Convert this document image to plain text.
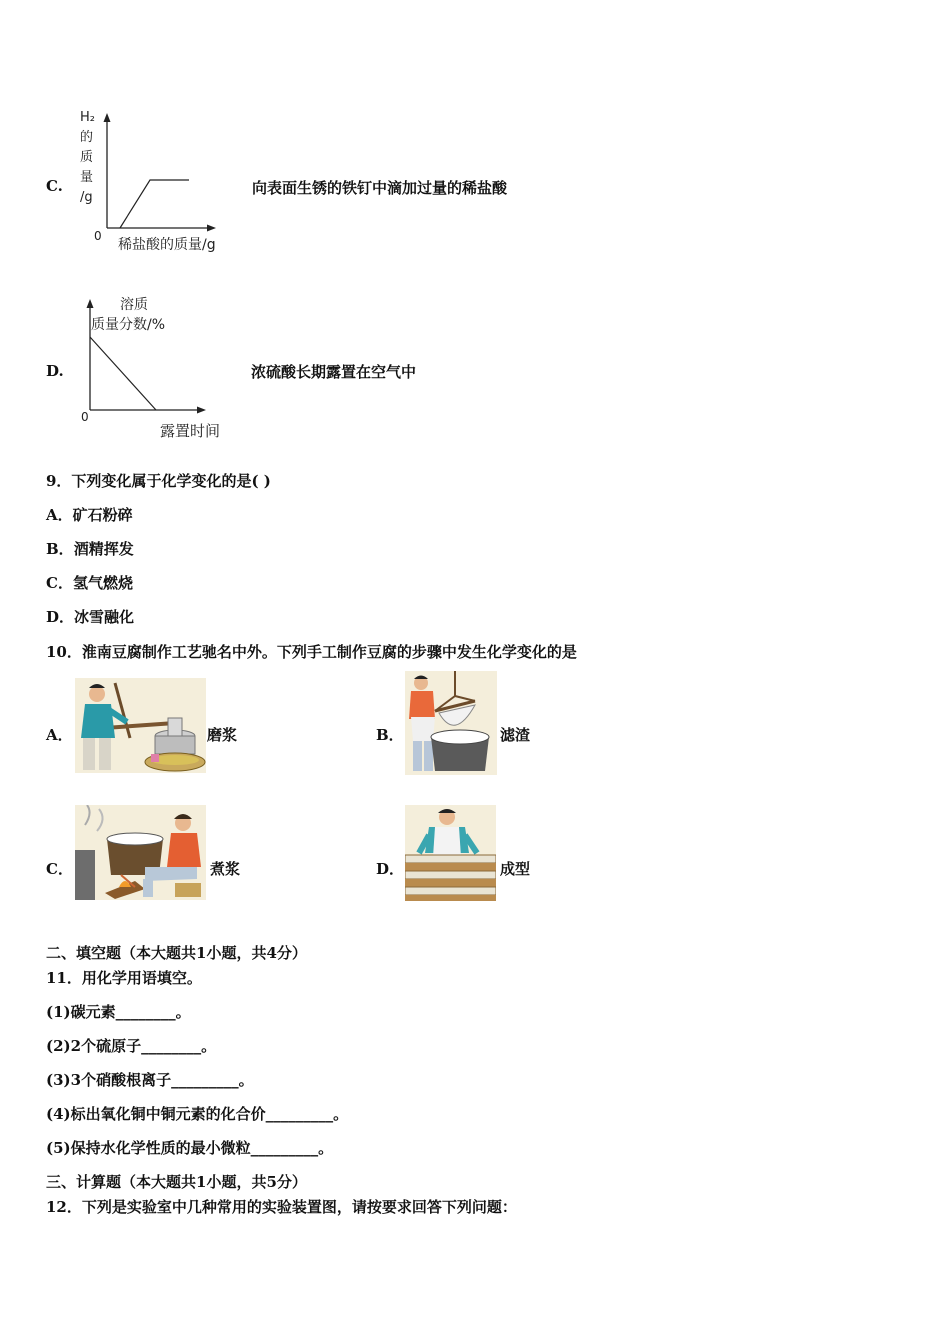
C.
H₂
的
质
量
/g
0
稀盐酸的质量/g
向表面生锈的铁钉中滴加过量的稀盐酸
D.
溶质
质量分数/%
0
露置时间
浓硫酸长期露置在空气中
9．下列变化属于化学变化的是( )
A．矿石粉碎
B．酒精挥发
C．氢气燃烧
D．冰雪融化
10．淮南豆腐制作工艺驰名中外。下列手工制作豆腐的步骤中发生化学变化的是
A．	磨浆	B．	滤渣
C．	煮浆	D．	成型
二、填空题（本大题共1小题，共4分）
11．用化学用语填空。
(1)碳元素________。
(2)2个硫原子________。
(3)3个硝酸根离子_________。
(4)标出氧化铜中铜元素的化合价_________。
(5)保持水化学性质的最小微粒_________。
三、计算题（本大题共1小题，共5分）
12．下列是实验室中几种常用的实验装置图，请按要求回答下列问题：
